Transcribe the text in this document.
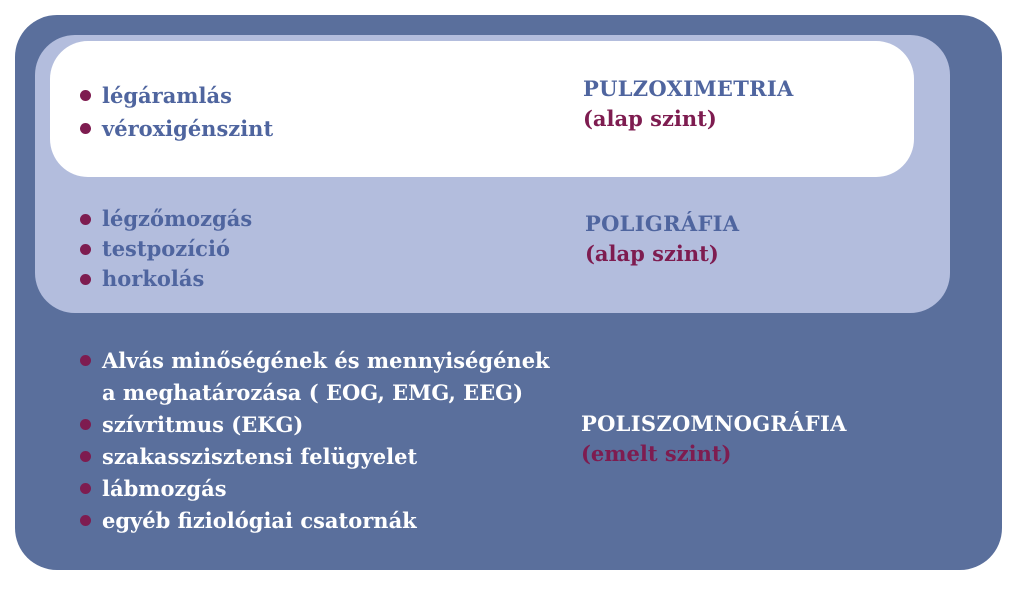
légáramlás
véroxigénszint
PULZOXIMETRIA
(alap szint)
légzőmozgás
testpozíció
horkolás
POLIGRÁFIA
(alap szint)
Alvás minőségének és mennyiségének
a meghatározása ( EOG, EMG, EEG)
szívritmus (EKG)
szakasszisztensi felügyelet
lábmozgás
egyéb fiziológiai csatornák
POLISZOMNOGRÁFIA
(emelt szint)
